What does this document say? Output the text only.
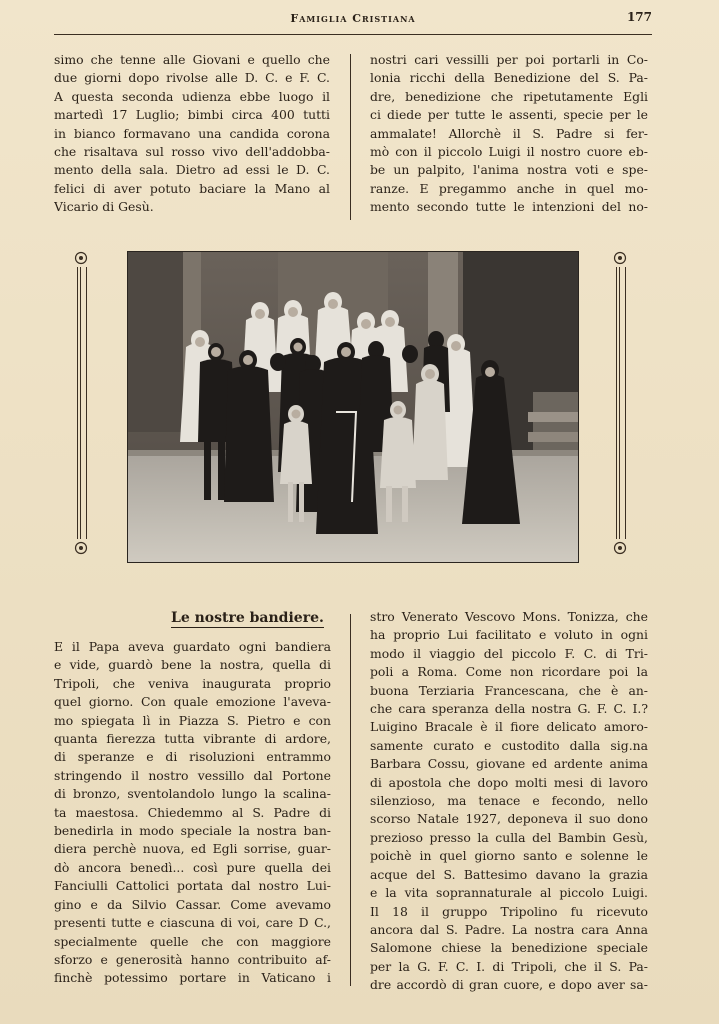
Famiglia Cristiana	177
simo che tenne alle Giovani e quello che
due giorni dopo rivolse alle D. C. e F. C.
A questa seconda udienza ebbe luogo il
martedì 17 Luglio; bimbi circa 400 tutti
in bianco formavano una candida corona
che risaltava sul rosso vivo dell'addobba-
mento della sala. Dietro ad essi le D. C.
felici di aver potuto baciare la Mano al
Vicario di Gesù.
nostri cari vessilli per poi portarli in Co-
lonia ricchi della Benedizione del S. Pa-
dre, benedizione che ripetutamente Egli
ci diede per tutte le assenti, specie per le
ammalate! Allorchè il S. Padre si fer-
mò con il piccolo Luigi il nostro cuore eb-
be un palpito, l'anima nostra voti e spe-
ranze. E pregammo anche in quel mo-
mento secondo tutte le intenzioni del no-
Le nostre bandiere.
E il Papa aveva guardato ogni bandiera
e vide, guardò bene la nostra, quella di
Tripoli, che veniva inaugurata proprio
quel giorno. Con quale emozione l'aveva-
mo spiegata lì in Piazza S. Pietro e con
quanta fierezza tutta vibrante di ardore,
di speranze e di risoluzioni entrammo
stringendo il nostro vessillo dal Portone
di bronzo, sventolandolo lungo la scalina-
ta maestosa. Chiedemmo al S. Padre di
benedirla in modo speciale la nostra ban-
diera perchè nuova, ed Egli sorrise, guar-
dò ancora benedì... così pure quella dei
Fanciulli Cattolici portata dal nostro Lui-
gino e da Silvio Cassar. Come avevamo
presenti tutte e ciascuna di voi, care D C.,
specialmente quelle che con maggiore
sforzo e generosità hanno contribuito af-
finchè potessimo portare in Vaticano i
stro Venerato Vescovo Mons. Tonizza, che
ha proprio Lui facilitato e voluto in ogni
modo il viaggio del piccolo F. C. di Tri-
poli a Roma. Come non ricordare poi la
buona Terziaria Francescana, che è an-
che cara speranza della nostra G. F. C. I.?
Luigino Bracale è il fiore delicato amoro-
samente curato e custodito dalla sig.na
Barbara Cossu, giovane ed ardente anima
di apostola che dopo molti mesi di lavoro
silenzioso, ma tenace e fecondo, nello
scorso Natale 1927, deponeva il suo dono
prezioso presso la culla del Bambin Gesù,
poichè in quel giorno santo e solenne le
acque del S. Battesimo davano la grazia
e la vita soprannaturale al piccolo Luigi.
Il 18 il gruppo Tripolino fu ricevuto
ancora dal S. Padre. La nostra cara Anna
Salomone chiese la benedizione speciale
per la G. F. C. I. di Tripoli, che il S. Pa-
dre accordò di gran cuore, e dopo aver sa-
